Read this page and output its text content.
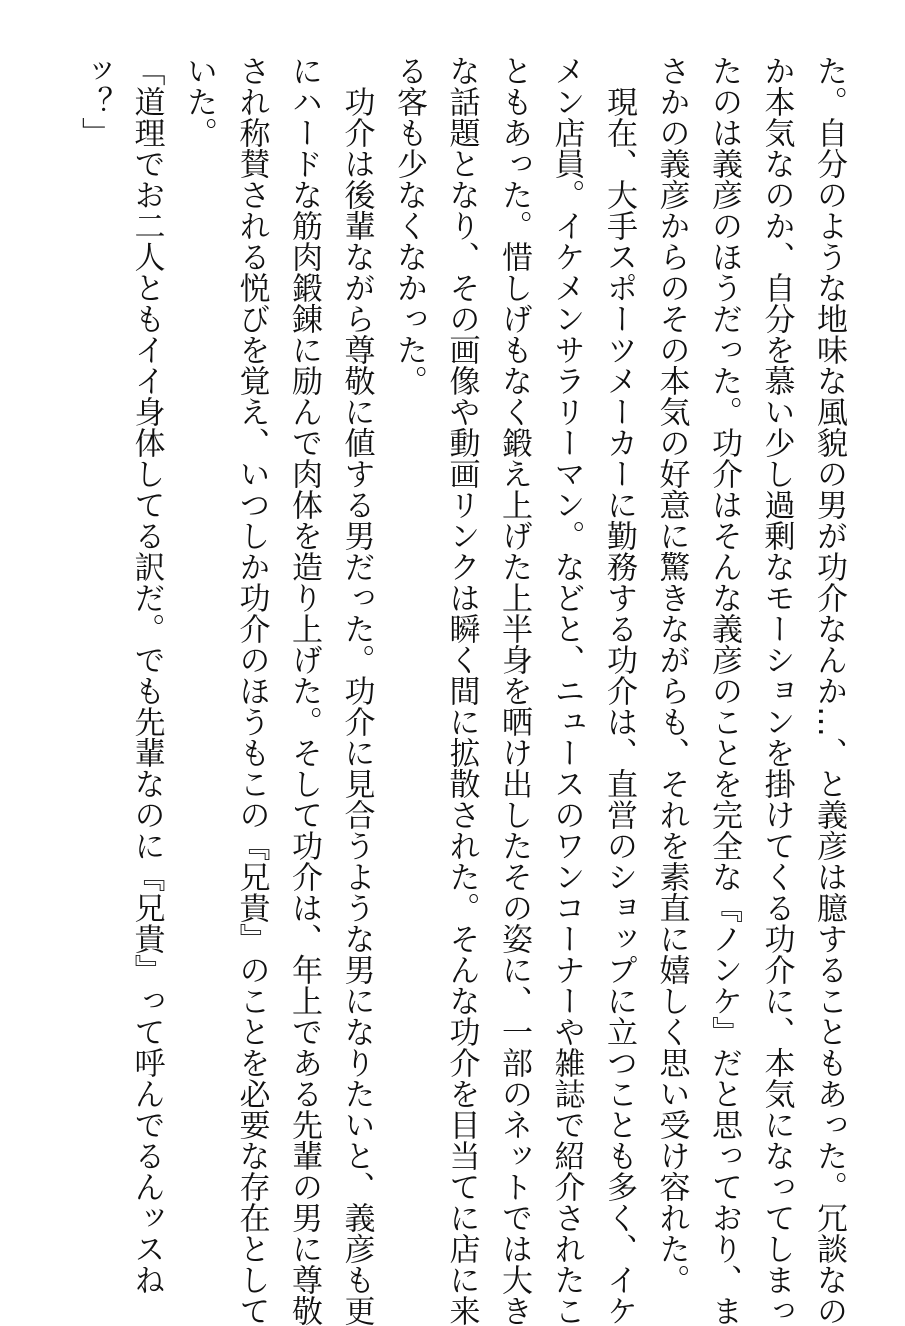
た。自分のような地味な風貌の男が功介なんか…、と義彦は臆することもあった。冗談なの
か本気なのか、自分を慕い少し過剰なモーションを掛けてくる功介に、本気になってしまっ
たのは義彦のほうだった。功介はそんな義彦のことを完全な『ノンケ』だと思っており、ま
さかの義彦からのその本気の好意に驚きながらも、それを素直に嬉しく思い受け容れた。
　現在、大手スポーツメーカーに勤務する功介は、直営のショップに立つことも多く、イケ
メン店員。イケメンサラリーマン。などと、ニュースのワンコーナーや雑誌で紹介されたこ
ともあった。惜しげもなく鍛え上げた上半身を晒け出したその姿に、一部のネットでは大き
な話題となり、その画像や動画リンクは瞬く間に拡散された。そんな功介を目当てに店に来
る客も少なくなかった。
　功介は後輩ながら尊敬に値する男だった。功介に見合うような男になりたいと、義彦も更
にハードな筋肉鍛錬に励んで肉体を造り上げた。そして功介は、年上である先輩の男に尊敬
され称賛される悦びを覚え、いつしか功介のほうもこの『兄貴』のことを必要な存在として
いた。
「道理でお二人ともイイ身体してる訳だ。でも先輩なのに『兄貴』って呼んでるんッスね
ッ？」
